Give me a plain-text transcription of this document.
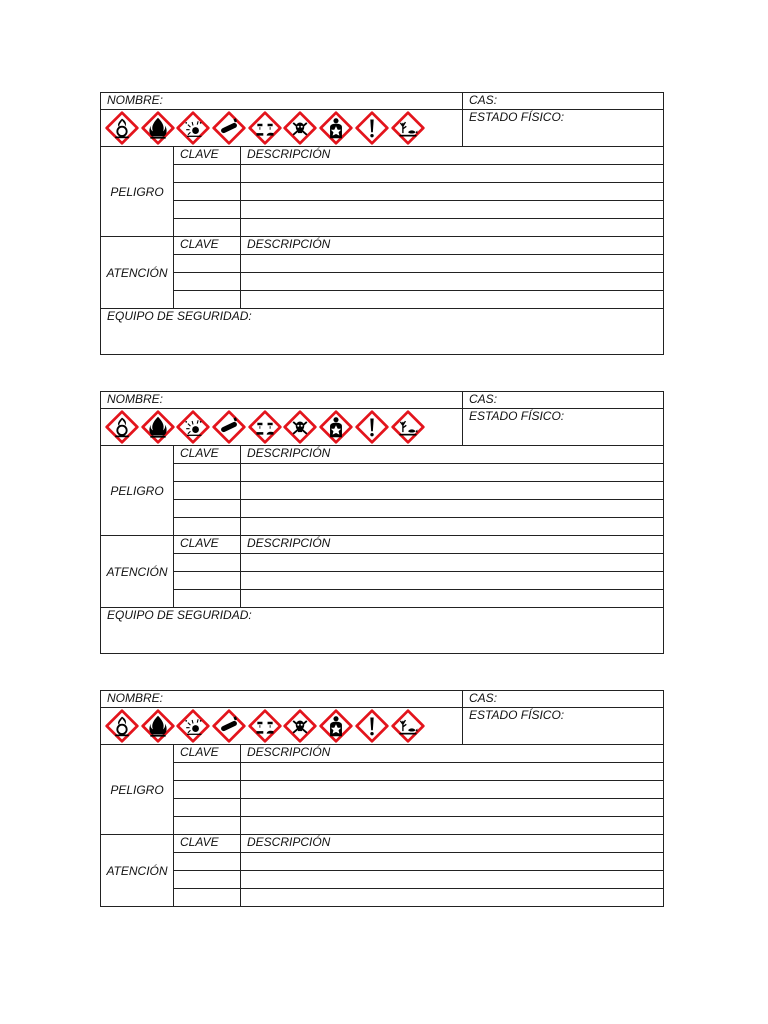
NOMBRE:			CAS:

	ESTADO FÍSICO:
PELIGRO	CLAVE	DESCRIPCIÓN	

ATENCIÓN	CLAVE	DESCRIPCIÓN	

EQUIPO DE SEGURIDAD:			
NOMBRE:			CAS:

	ESTADO FÍSICO:
PELIGRO	CLAVE	DESCRIPCIÓN	

ATENCIÓN	CLAVE	DESCRIPCIÓN	

EQUIPO DE SEGURIDAD:			
NOMBRE:			CAS:

	ESTADO FÍSICO:
PELIGRO	CLAVE	DESCRIPCIÓN	

ATENCIÓN	CLAVE	DESCRIPCIÓN	
